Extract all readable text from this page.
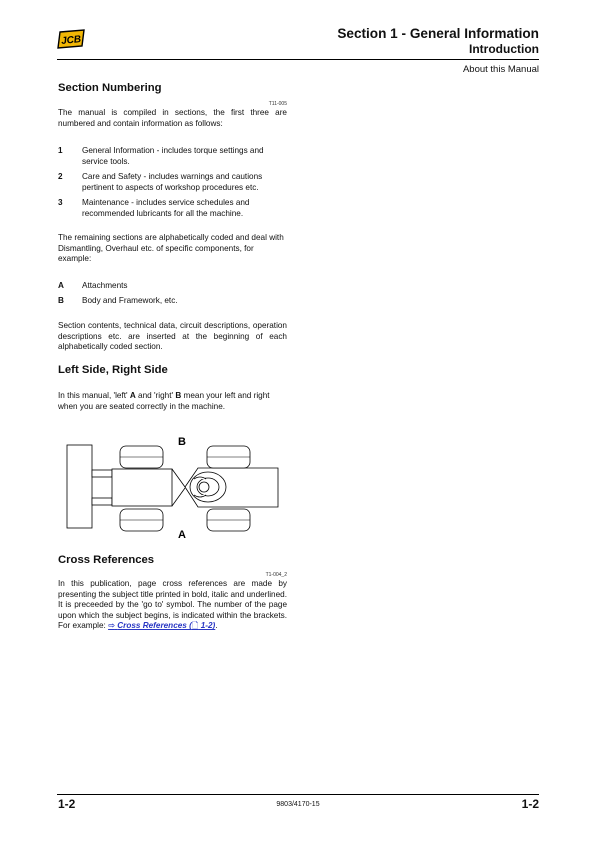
JCB	Section 1 - General Information
Introduction
About this Manual
Section Numbering
T11-005
The manual is compiled in sections, the first three are numbered and contain information as follows:
1 General Information - includes torque settings and service tools.
2 Care and Safety - includes warnings and cautions pertinent to aspects of workshop procedures etc.
3 Maintenance - includes service schedules and recommended lubricants for all the machine.
The remaining sections are alphabetically coded and deal with Dismantling, Overhaul etc. of specific components, for example:
A Attachments
B Body and Framework, etc.
Section contents, technical data, circuit descriptions, operation descriptions etc. are inserted at the beginning of each alphabetically coded section.
Left Side, Right Side
In this manual, 'left' A and 'right' B mean your left and right when you are seated correctly in the machine.
B
A
Cross References
T1-004_2
In this publication, page cross references are made by presenting the subject title printed in bold, italic and underlined. It is preceeded by the 'go to' symbol. The number of the page upon which the subject begins, is indicated within the brackets. For example: ⇨ Cross References (🗋 1-2).
1-2	9803/4170-15	1-2
